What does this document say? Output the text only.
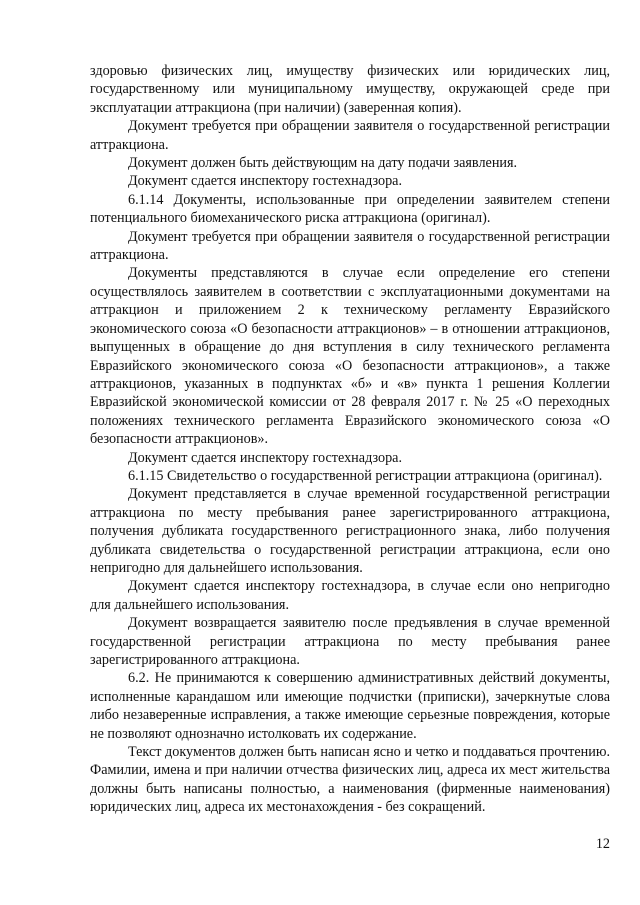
здоровью физических лиц, имуществу физических или юридических лиц, государственному или муниципальному имуществу, окружающей среде при эксплуатации аттракциона (при наличии) (заверенная копия).

Документ требуется при обращении заявителя о государственной регистрации аттракциона.

Документ должен быть действующим на дату подачи заявления.

Документ сдается инспектору гостехнадзора.

6.1.14 Документы, использованные при определении заявителем степени потенциального биомеханического риска аттракциона (оригинал).

Документ требуется при обращении заявителя о государственной регистрации аттракциона.

Документы представляются в случае если определение его степени осуществлялось заявителем в соответствии с эксплуатационными документами на аттракцион и приложением 2 к техническому регламенту Евразийского экономического союза «О безопасности аттракционов» – в отношении аттракционов, выпущенных в обращение до дня вступления в силу технического регламента Евразийского экономического союза «О безопасности аттракционов», а также аттракционов, указанных в подпунктах «б» и «в» пункта 1 решения Коллегии Евразийской экономической комиссии от 28 февраля 2017 г. № 25 «О переходных положениях технического регламента Евразийского экономического союза «О безопасности аттракционов».

Документ сдается инспектору гостехнадзора.

6.1.15 Свидетельство о государственной регистрации аттракциона (оригинал).

Документ представляется в случае временной государственной регистрации аттракциона по месту пребывания ранее зарегистрированного аттракциона, получения дубликата государственного регистрационного знака, либо получения дубликата свидетельства о государственной регистрации аттракциона, если оно непригодно для дальнейшего использования.

Документ сдается инспектору гостехнадзора, в случае если оно непригодно для дальнейшего использования.

Документ возвращается заявителю после предъявления в случае временной государственной регистрации аттракциона по месту пребывания ранее зарегистрированного аттракциона.

6.2. Не принимаются к совершению административных действий документы, исполненные карандашом или имеющие подчистки (приписки), зачеркнутые слова либо незаверенные исправления, а также имеющие серьезные повреждения, которые не позволяют однозначно истолковать их содержание.

Текст документов должен быть написан ясно и четко и поддаваться прочтению. Фамилии, имена и при наличии отчества физических лиц, адреса их мест жительства должны быть написаны полностью, а наименования (фирменные наименования) юридических лиц, адреса их местонахождения - без сокращений.

12
